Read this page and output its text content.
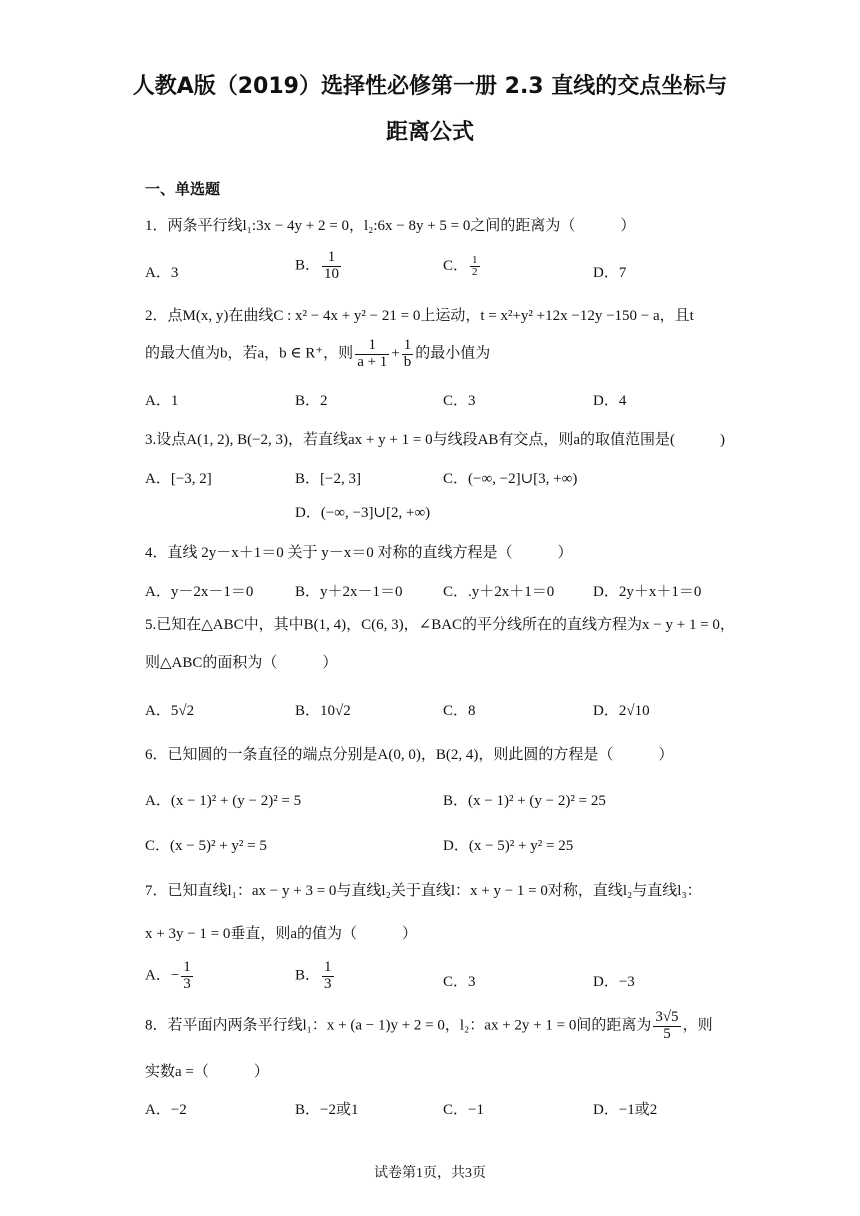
人教A版（2019）选择性必修第一册 2.3 直线的交点坐标与
距离公式
一、单选题
1．两条平行线l₁:3x − 4y + 2 = 0，l₂:6x − 8y + 5 = 0之间的距离为（　　　）
A．3	B． $\frac{1}{10}$	C． $\frac{1}{2}$	D．7
2．点M(x, y)在曲线C : x² − 4x + y² − 21 = 0上运动，t = x²+y² +12x −12y −150 − a，且t
的最大值为b，若a，b ∈ R⁺，则 $\frac{1}{a + 1} + \frac{1}{b}$ 的最小值为
A．1	B．2	C．3	D．4
3.设点A(1, 2), B(−2, 3)，若直线ax + y + 1 = 0与线段AB有交点，则a的取值范围是(　　　)
A．[−3, 2]	B．[−2, 3]	C．(−∞, −2]∪[3, +∞)
D．(−∞, −3]∪[2, +∞)
4．直线 2y－x＋1＝0 关于 y－x＝0 对称的直线方程是（　　　）
A．y－2x－1＝0	B．y＋2x－1＝0	C．.y＋2x＋1＝0	D．2y＋x＋1＝0
5.已知在△ABC中，其中B(1, 4)，C(6, 3)，∠BAC的平分线所在的直线方程为x − y + 1 = 0，
则△ABC的面积为（　　　）
A．5√2	B．10√2	C．8	D．2√10
6．已知圆的一条直径的端点分别是A(0, 0)，B(2, 4)，则此圆的方程是（　　　）
A．(x − 1)² + (y − 2)² = 5	B．(x − 1)² + (y − 2)² = 25
C．(x − 5)² + y² = 5	D．(x − 5)² + y² = 25
7．已知直线l₁：ax − y + 3 = 0与直线l₂关于直线l：x + y − 1 = 0对称，直线l₂与直线l₃：
x + 3y − 1 = 0垂直，则a的值为（　　　）
A．− $\frac{1}{3}$	B． $\frac{1}{3}$	C．3	D．−3
8．若平面内两条平行线l₁：x + (a − 1)y + 2 = 0，l₂：ax + 2y + 1 = 0间的距离为 $\frac{3√5}{5}$ ，则
实数a =（　　　）
A．−2	B．−2或1	C．−1	D．−1或2
试卷第1页，共3页
